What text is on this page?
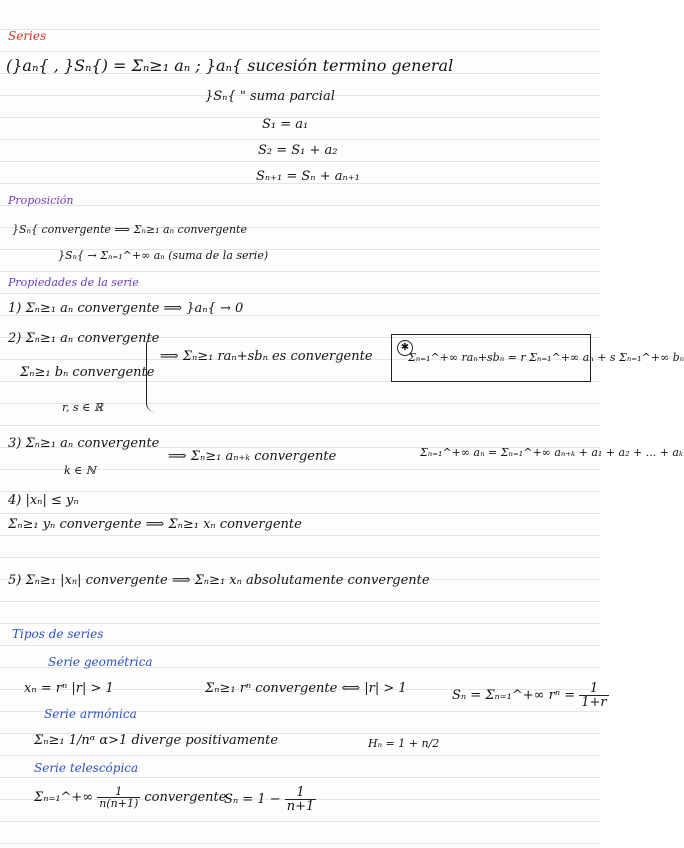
Series
(}aₙ{ , }Sₙ{) = Σₙ≥₁ aₙ ; }aₙ{ sucesión termino general
}Sₙ{ " suma parcial
S₁ = a₁
S₂ = S₁ + a₂
Sₙ₊₁ = Sₙ + aₙ₊₁
Proposición
}Sₙ{ convergente ⟹ Σₙ≥₁ aₙ convergente
}Sₙ{ → Σₙ₌₁^+∞ aₙ (suma de la serie)
Propiedades de la serie
1) Σₙ≥₁ aₙ convergente ⟹ }aₙ{ → 0
2) Σₙ≥₁ aₙ convergente
Σₙ≥₁ bₙ convergente
r, s ∈ ℝ
⟹ Σₙ≥₁ raₙ+sbₙ es convergente	Σₙ₌₁^+∞ raₙ+sbₙ = r Σₙ₌₁^+∞ aₙ + s Σₙ₌₁^+∞ bₙ
✱
3) Σₙ≥₁ aₙ convergente
k ∈ ℕ
⟹ Σₙ≥₁ aₙ₊ₖ convergente	Σₙ₌₁^+∞ aₙ = Σₙ₌₁^+∞ aₙ₊ₖ + a₁ + a₂ + ... + aₖ
4) |xₙ| ≤ yₙ
Σₙ≥₁ yₙ convergente ⟹ Σₙ≥₁ xₙ convergente
5) Σₙ≥₁ |xₙ| convergente ⟹ Σₙ≥₁ xₙ absolutamente convergente
Tipos de series
Serie geométrica
xₙ = rⁿ |r| > 1	Σₙ≥₁ rⁿ convergente ⟺ |r| > 1	Sₙ = Σₙ₌₁^+∞ $r^n = \frac{1}{1+r}$
Serie armónica
Σₙ≥₁ 1/nᵅ α>1 diverge positivamente	Hₙ = 1 + n/2
Serie telescópica
Σₙ₌₁^+∞ $\frac{1}{n(n+1)}$ convergente
$S_n = 1 - \frac{1}{n+1}$
